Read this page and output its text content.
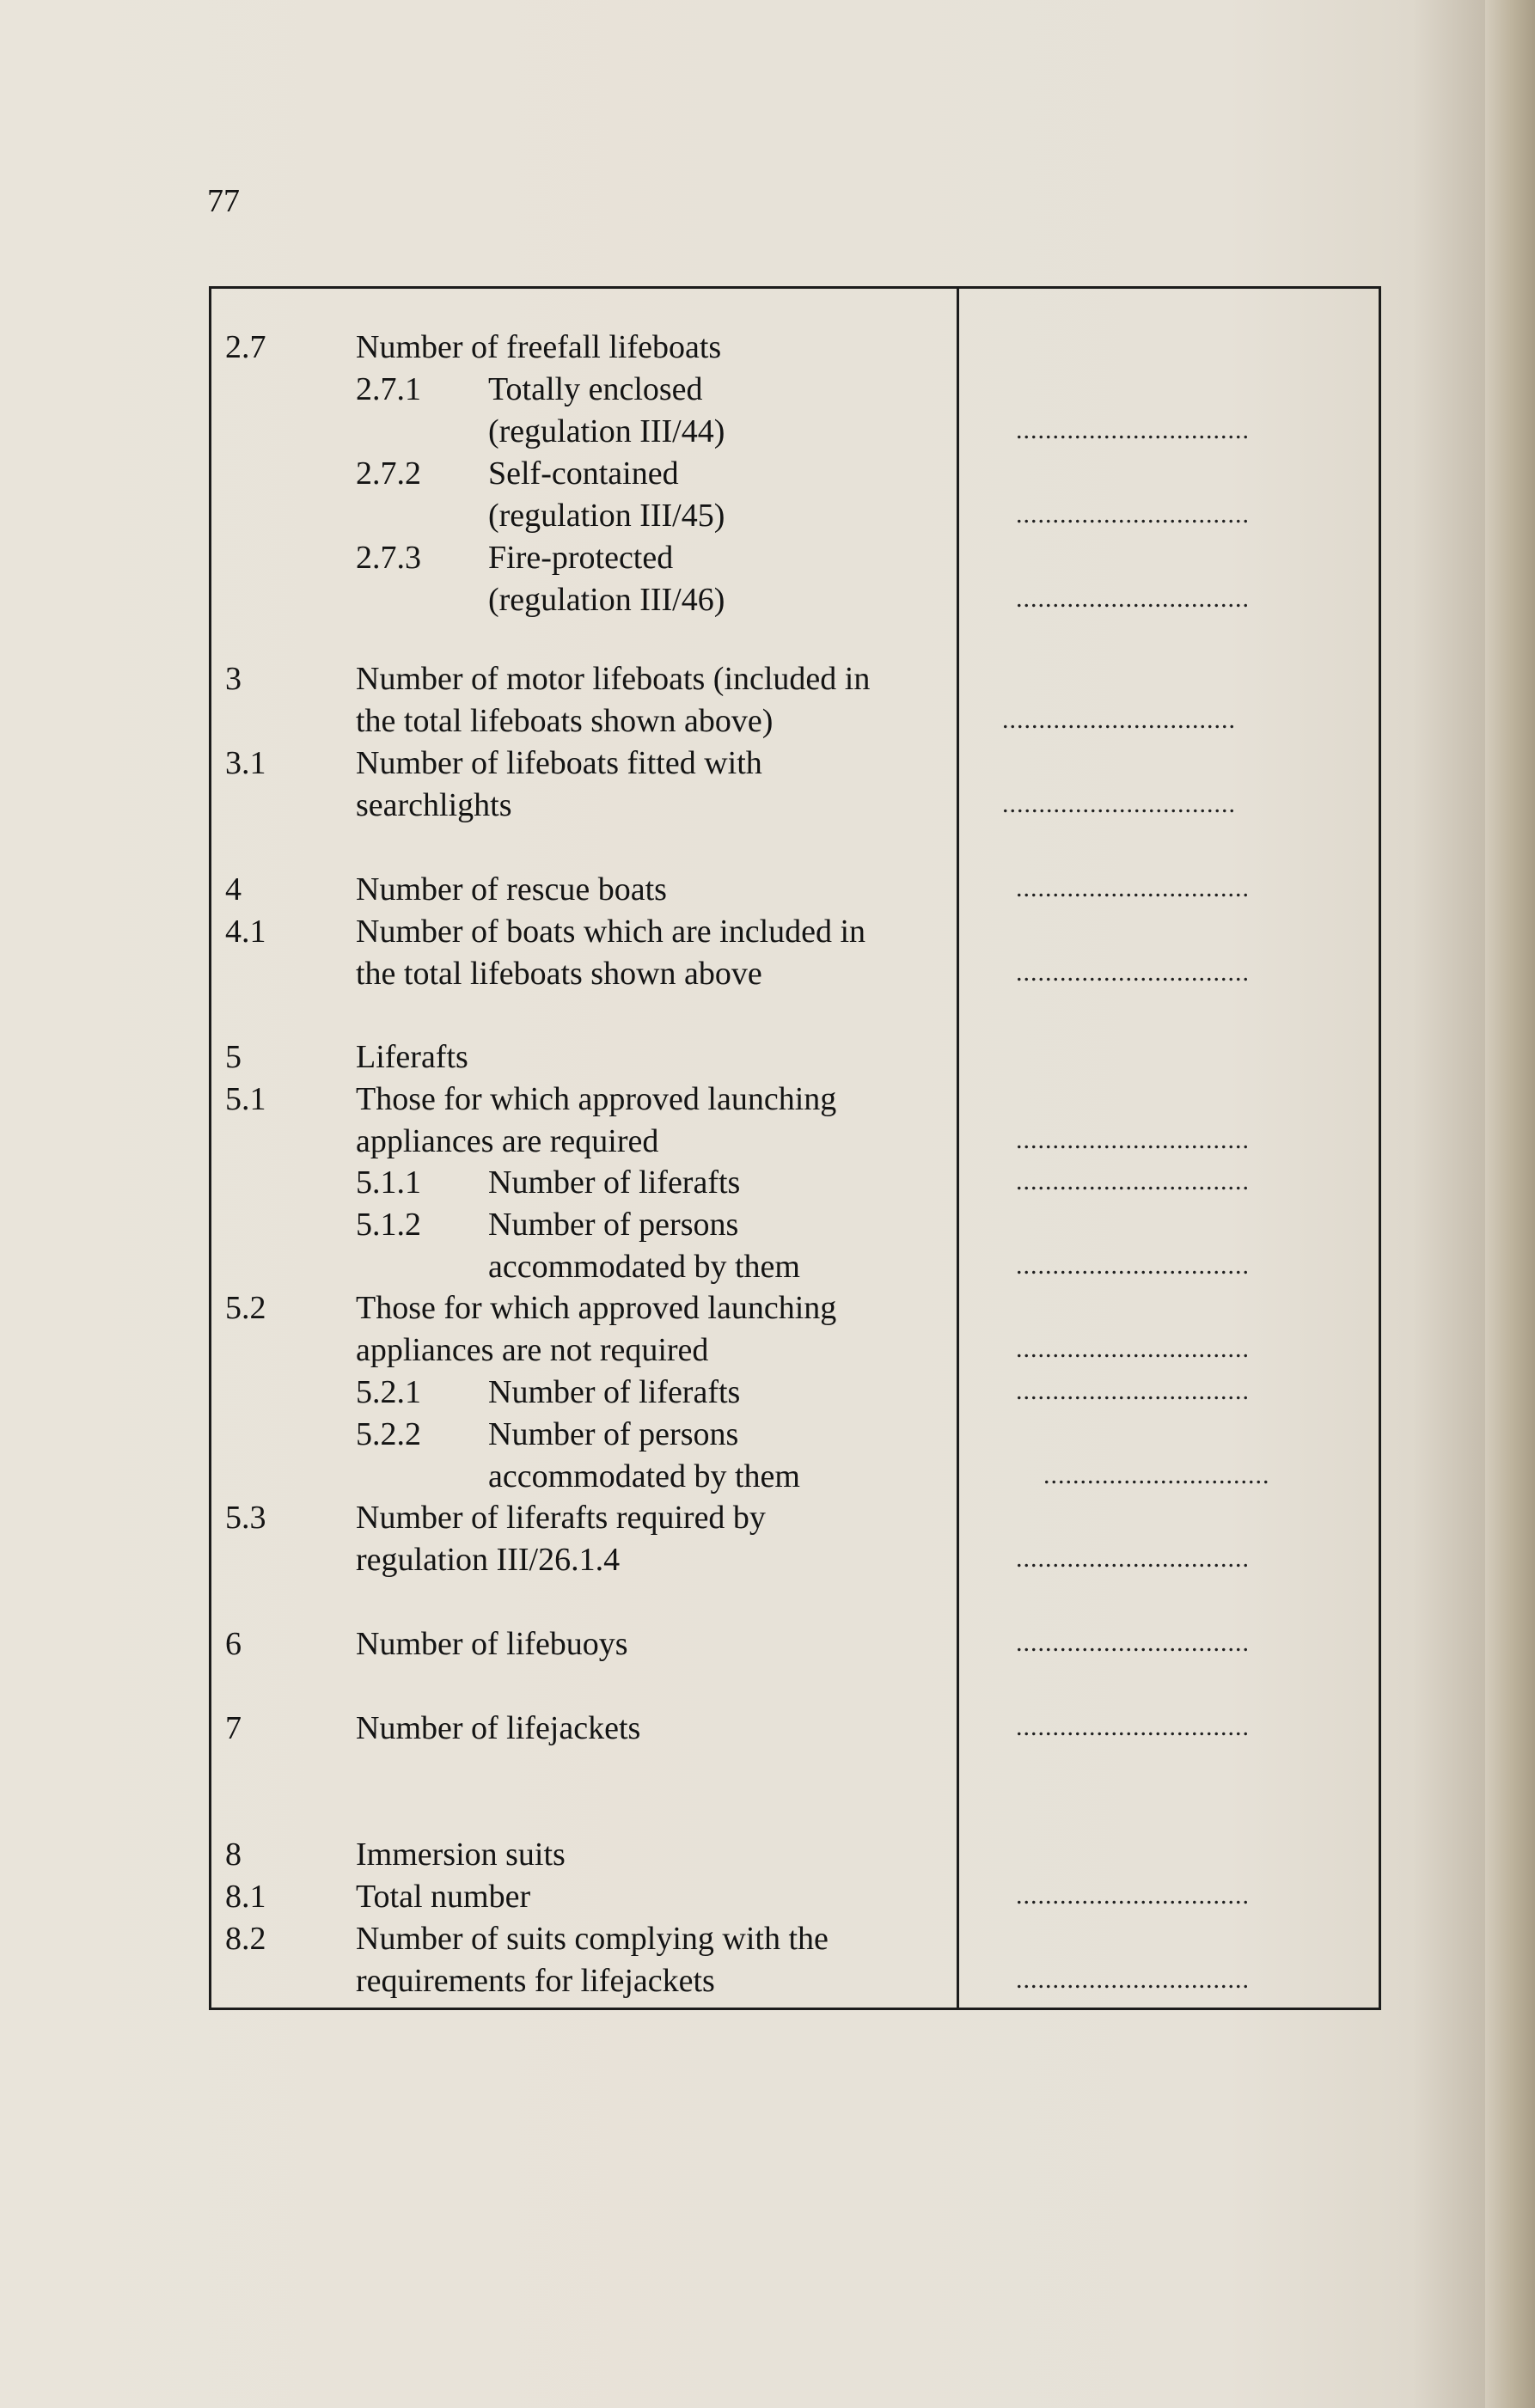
77
2.7	Number of freefall lifeboats
2.7.1 Totally enclosed
(regulation III/44)	................................
2.7.2 Self-contained
(regulation III/45)	................................
2.7.3 Fire-protected
(regulation III/46)	................................
3	Number of motor lifeboats (included in
the total lifeboats shown above)	................................
3.1	Number of lifeboats fitted with
searchlights	................................
4	Number of rescue boats	................................
4.1	Number of boats which are included in
the total lifeboats shown above	................................
5	Liferafts
5.1	Those for which approved launching
appliances are required	................................
5.1.1 Number of liferafts	................................
5.1.2 Number of persons
accommodated by them	................................
5.2	Those for which approved launching
appliances are not required	................................
5.2.1 Number of liferafts	................................
5.2.2 Number of persons
accommodated by them	...............................
5.3	Number of liferafts required by
regulation III/26.1.4	................................
6	Number of lifebuoys	................................
7	Number of lifejackets	................................
8	Immersion suits
8.1	Total number	................................
8.2	Number of suits complying with the
requirements for lifejackets	................................
